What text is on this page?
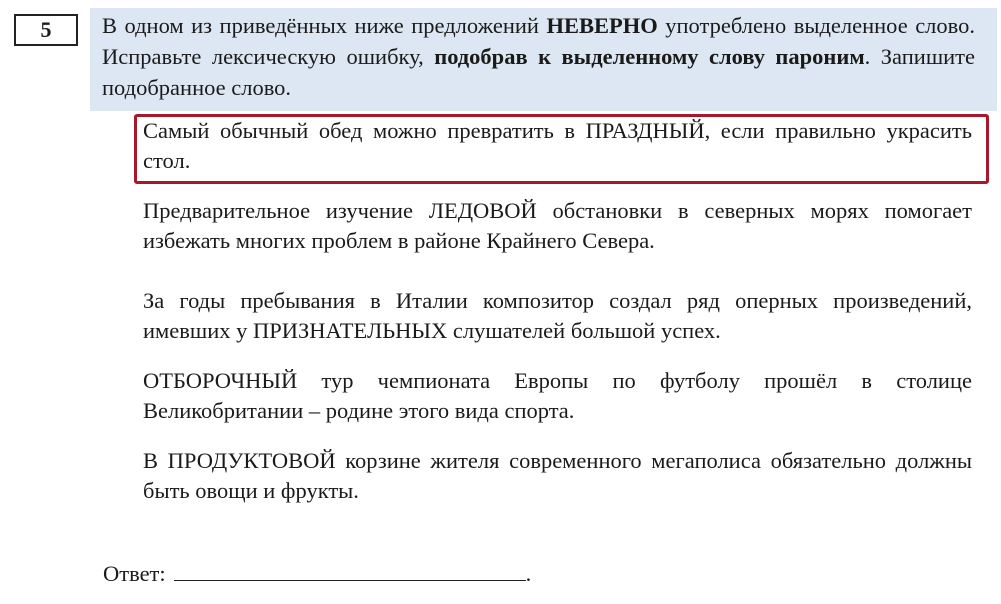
5	В одном из приведённых ниже предложений НЕВЕРНО употреблено выделенное слово. Исправьте лексическую ошибку, подобрав к выделенному слову пароним. Запишите подобранное слово.
Самый обычный обед можно превратить в ПРАЗДНЫЙ, если правильно украсить стол.
Предварительное изучение ЛЕДОВОЙ обстановки в северных морях помогает избежать многих проблем в районе Крайнего Севера.
За годы пребывания в Италии композитор создал ряд оперных произведений, имевших у ПРИЗНАТЕЛЬНЫХ слушателей большой успех.
ОТБОРОЧНЫЙ тур чемпионата Европы по футболу прошёл в столице Великобритании – родине этого вида спорта.
В ПРОДУКТОВОЙ корзине жителя современного мегаполиса обязательно должны быть овощи и фрукты.
Ответ:	.
